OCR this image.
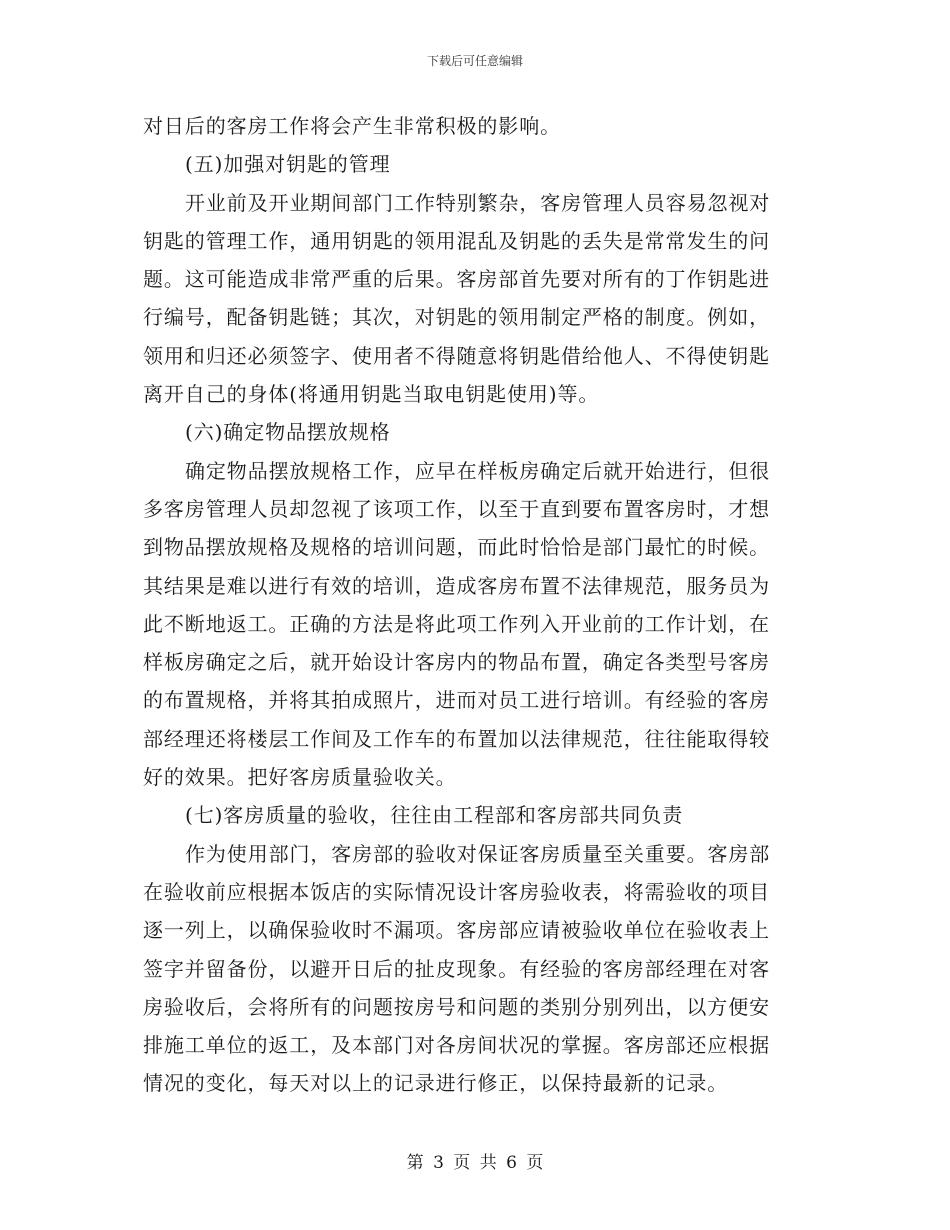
下载后可任意编辑
对日后的客房工作将会产生非常积极的影响。
(五)加强对钥匙的管理
开业前及开业期间部门工作特别繁杂，客房管理人员容易忽视对
钥匙的管理工作，通用钥匙的领用混乱及钥匙的丢失是常常发生的问
题。这可能造成非常严重的后果。客房部首先要对所有的丁作钥匙进
行编号，配备钥匙链；其次，对钥匙的领用制定严格的制度。例如，
领用和归还必须签字、使用者不得随意将钥匙借给他人、不得使钥匙
离开自己的身体(将通用钥匙当取电钥匙使用)等。
(六)确定物品摆放规格
确定物品摆放规格工作，应早在样板房确定后就开始进行，但很
多客房管理人员却忽视了该项工作，以至于直到要布置客房时，才想
到物品摆放规格及规格的培训问题，而此时恰恰是部门最忙的时候。
其结果是难以进行有效的培训，造成客房布置不法律规范，服务员为
此不断地返工。正确的方法是将此项工作列入开业前的工作计划，在
样板房确定之后，就开始设计客房内的物品布置，确定各类型号客房
的布置规格，并将其拍成照片，进而对员工进行培训。有经验的客房
部经理还将楼层工作间及工作车的布置加以法律规范，往往能取得较
好的效果。把好客房质量验收关。
(七)客房质量的验收，往往由工程部和客房部共同负责
作为使用部门，客房部的验收对保证客房质量至关重要。客房部
在验收前应根据本饭店的实际情况设计客房验收表，将需验收的项目
逐一列上，以确保验收时不漏项。客房部应请被验收单位在验收表上
签字并留备份，以避开日后的扯皮现象。有经验的客房部经理在对客
房验收后，会将所有的问题按房号和问题的类别分别列出，以方便安
排施工单位的返工，及本部门对各房间状况的掌握。客房部还应根据
情况的变化，每天对以上的记录进行修正，以保持最新的记录。
第 3 页 共 6 页
